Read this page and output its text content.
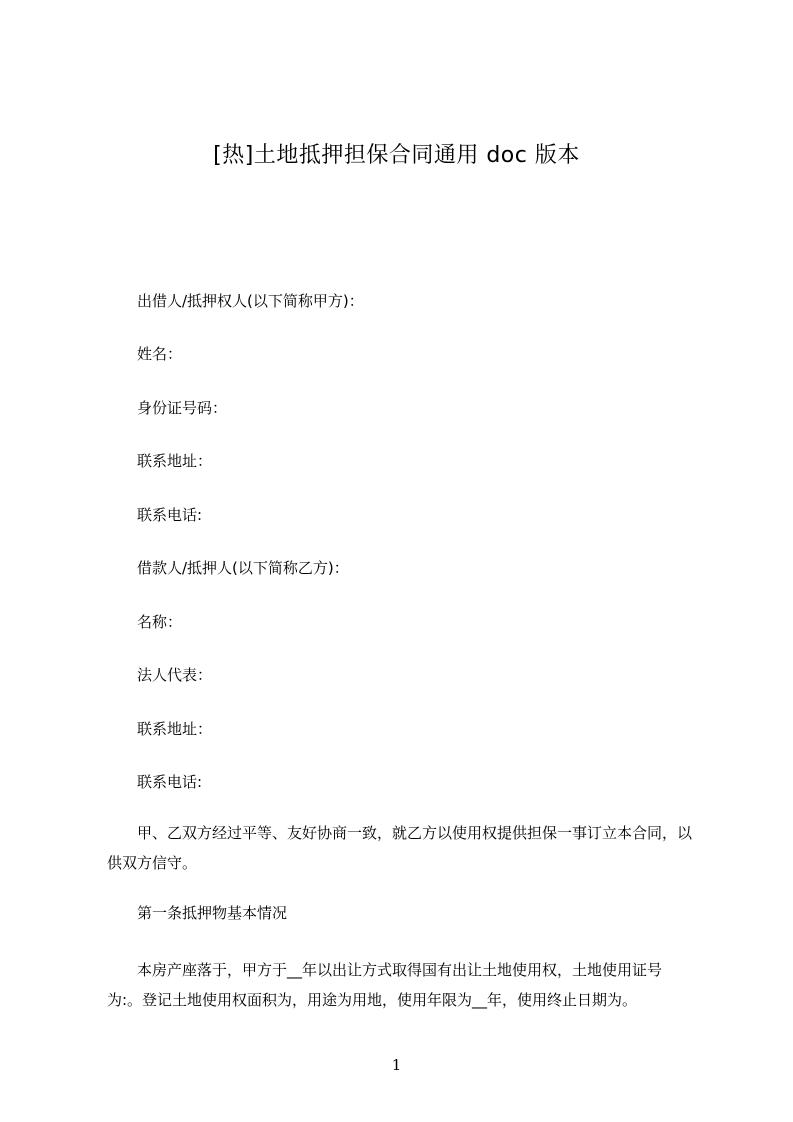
[热]土地抵押担保合同通用 doc 版本
出借人/抵押权人(以下简称甲方)：
姓名：
身份证号码：
联系地址：
联系电话:
借款人/抵押人(以下简称乙方)：
名称：
法人代表：
联系地址：
联系电话:
甲、乙双方经过平等、友好协商一致，就乙方以使用权提供担保一事订立本合同，以供双方信守。
第一条抵押物基本情况
本房产座落于，甲方于__年以出让方式取得国有出让土地使用权，土地使用证号为:。登记土地使用权面积为，用途为用地，使用年限为__年，使用终止日期为。
1
